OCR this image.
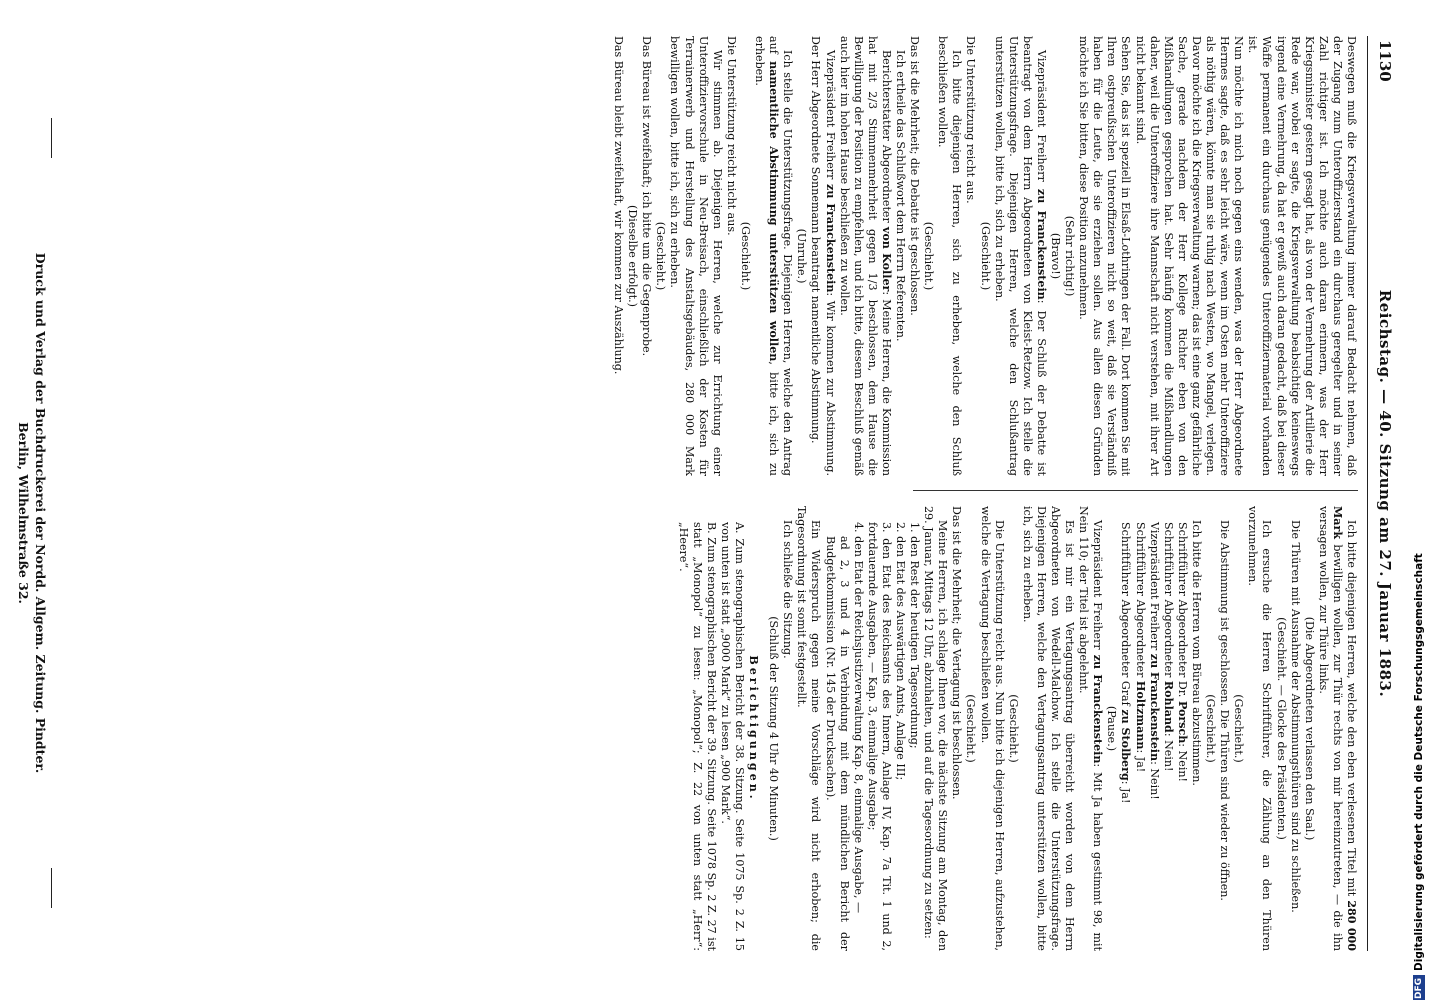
1130
Reichstag. — 40. Sitzung am 27. Januar 1883.

Deswegen muß die Kriegsverwaltung immer darauf Bedacht nehmen, daß der Zugang zum Unteroffizierstand ein durchaus geregelter und in seiner Zahl richtiger ist. Ich möchte auch daran erinnern, was der Herr Kriegsminister gestern gesagt hat, als von der Vermehrung der Artillerie die Rede war, wobei er sagte, die Kriegsverwaltung beabsichtige keineswegs irgend eine Vermehrung, da hat er gewiß auch daran gedacht, daß bei dieser Waffe permanent ein durchaus genügendes Unteroffiziermaterial vorhanden ist.

Nun möchte ich mich noch gegen eins wenden, was der Herr Abgeordnete Hermes sagte, daß es sehr leicht wäre, wenn im Osten mehr Unteroffiziere als nöthig wären, könnte man sie ruhig nach Westen, wo Mangel, verlegen. Davor möchte ich die Kriegsverwaltung warnen; das ist eine ganz gefährliche Sache, gerade nachdem der Herr Kollege Richter eben von den Mißhandlungen gesprochen hat. Sehr häufig kommen die Mißhandlungen daher, weil die Unteroffiziere ihre Mannschaft nicht verstehen, mit ihrer Art nicht bekannt sind.

Sehen Sie, das ist speziell in Elsaß-Lothringen der Fall. Dort kommen Sie mit Ihren ostpreußischen Unteroffizieren nicht so weit, daß sie Verständniß haben für die Leute, die sie erziehen sollen. Aus allen diesen Gründen möchte ich Sie bitten, diese Position anzunehmen.

(Sehr richtig!)

(Bravo!)

Vizepräsident Freiherr zu Franckenstein: Der Schluß der Debatte ist beantragt von dem Herrn Abgeordneten von Kleist-Retzow. Ich stelle die Unterstützungsfrage. Diejenigen Herren, welche den Schlußantrag unterstützen wollen, bitte ich, sich zu erheben.

(Geschieht.)

Die Unterstützung reicht aus.

Ich bitte diejenigen Herren, sich zu erheben, welche den Schluß beschließen wollen.

(Geschieht.)

Das ist die Mehrheit; die Debatte ist geschlossen.

Ich ertheile das Schlußwort dem Herrn Referenten.

Berichterstatter Abgeordneter von Koller: Meine Herren, die Kommission hat mit 2/3 Stimmenmehrheit gegen 1/3 beschlossen, dem Hause die Bewilligung der Position zu empfehlen, und ich bitte, diesem Beschluß gemäß auch hier im hohen Hause beschließen zu wollen.

Vizepräsident Freiherr zu Franckenstein: Wir kommen zur Abstimmung. Der Herr Abgeordnete Sonnemann beantragt namentliche Abstimmung.

(Unruhe.)

Ich stelle die Unterstützungsfrage. Diejenigen Herren, welche den Antrag auf namentliche Abstimmung unterstützen wollen, bitte ich, sich zu erheben.

(Geschieht.)

Die Unterstützung reicht nicht aus.

Wir stimmen ab. Diejenigen Herren, welche zur Errichtung einer Unteroffiziervorschule in Neu-Breisach, einschließlich der Kosten für Terrainerwerb und Herstellung des Anstaltsgebäudes, 280 000 Mark bewilligen wollen, bitte ich, sich zu erheben.

(Geschieht.)

Das Büreau ist zweifelhaft; ich bitte um die Gegenprobe.

(Dieselbe erfolgt.)

Das Büreau bleibt zweifelhaft, wir kommen zur Auszählung.

Ich bitte diejenigen Herren, welche den eben verlesenen Titel mit 280 000 Mark bewilligen wollen, zur Thür rechts von mir hereinzutreten, — die ihn versagen wollen, zur Thüre links.

(Die Abgeordneten verlassen den Saal.)

Die Thüren mit Ausnahme der Abstimmungsthüren sind zu schließen.

(Geschieht. — Glocke des Präsidenten.)

Ich ersuche die Herren Schriftführer, die Zählung an den Thüren vorzunehmen.

(Geschieht.)

Die Abstimmung ist geschlossen. Die Thüren sind wieder zu öffnen.

(Geschieht.)

Ich bitte die Herren vom Büreau abzustimmen.

Schriftführer Abgeordneter Dr. Porsch: Nein!

Schriftführer Abgeordneter Rohland: Nein!

Vizepräsident Freiherr zu Franckenstein: Nein!

Schriftführer Abgeordneter Holtzmann: Ja!

Schriftführer Abgeordneter Graf zu Stolberg: Ja!

(Pause.)

Vizepräsident Freiherr zu Franckenstein: Mit Ja haben gestimmt 98, mit Nein 110; der Titel ist abgelehnt.

Es ist mir ein Vertagungsantrag überreicht worden von dem Herrn Abgeordneten von Wedell-Malchow. Ich stelle die Unterstützungsfrage. Diejenigen Herren, welche den Vertagungsantrag unterstützen wollen, bitte ich, sich zu erheben.

(Geschieht.)

Die Unterstützung reicht aus. Nun bitte ich diejenigen Herren, aufzustehen, welche die Vertagung beschließen wollen.

(Geschieht.)

Das ist die Mehrheit; die Vertagung ist beschlossen.

Meine Herren, ich schlage Ihnen vor, die nächste Sitzung am Montag, den 29. Januar, Mittags 12 Uhr, abzuhalten, und auf die Tagesordnung zu setzen:

1. den Rest der heutigen Tagesordnung;

2. den Etat des Auswärtigen Amts, Anlage III;

3. den Etat des Reichsamts des Innern, Anlage IV, Kap. 7a Tit. 1 und 2, fortdauernde Ausgaben, — Kap. 3, einmalige Ausgabe;

4. den Etat der Reichsjustizverwaltung Kap. 8, einmalige Ausgabe, —

ad 2, 3 und 4 in Verbindung mit dem mündlichen Bericht der Budgetkommission (Nr. 145 der Drucksachen).

Ein Widerspruch gegen meine Vorschläge wird nicht erhoben; die Tagesordnung ist somit festgestellt.

Ich schließe die Sitzung.

(Schluß der Sitzung 4 Uhr 40 Minuten.)

Berichtigungen.

A. Zum stenographischen Bericht der 38. Sitzung. Seite 1075 Sp. 2 Z. 15 von unten ist statt „9000 Mark“ zu lesen „900 Mark“.

B. Zum stenographischen Bericht der 39. Sitzung. Seite 1078 Sp. 2 Z. 27 ist statt „Monopol“ zu lesen: „Monopol“; Z. 22 von unten statt „Herr“: „Heere“.

Druck und Verlag der Buchdruckerei der Nordd. Allgem. Zeitung. Pindter.
Berlin, Wilhelmstraße 32.
DFGDigitalisierung gefördert durch die Deutsche Forschungsgemeinschaft
